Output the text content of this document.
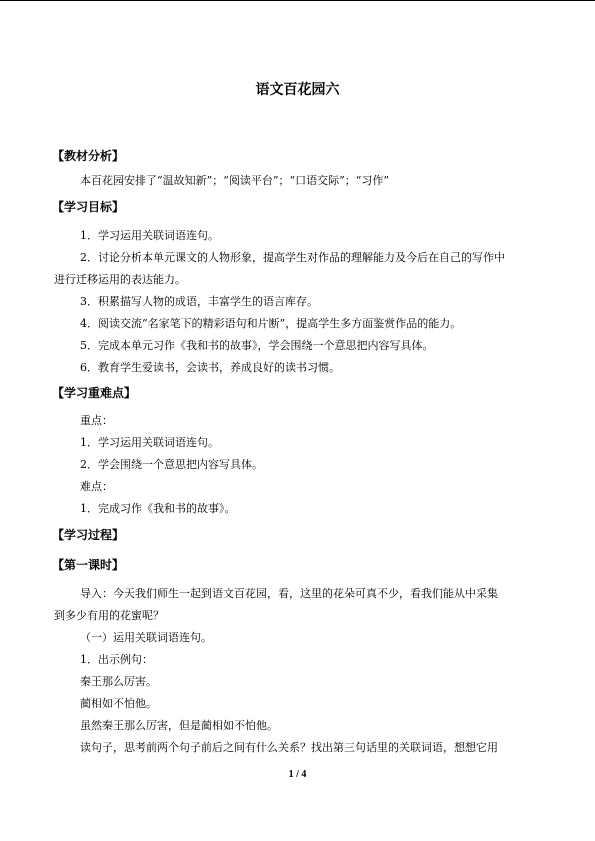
语文百花园六
【教材分析】
本百花园安排了“温故知新”；“阅读平台”；“口语交际”；“习作”
【学习目标】
1．学习运用关联词语连句。
2．讨论分析本单元课文的人物形象，提高学生对作品的理解能力及今后在自己的写作中
进行迁移运用的表达能力。
3．积累描写人物的成语，丰富学生的语言库存。
4．阅读交流“名家笔下的精彩语句和片断”，提高学生多方面鉴赏作品的能力。
5．完成本单元习作《我和书的故事》，学会围绕一个意思把内容写具体。
6．教育学生爱读书，会读书，养成良好的读书习惯。
【学习重难点】
重点：
1．学习运用关联词语连句。
2．学会围绕一个意思把内容写具体。
难点：
1．完成习作《我和书的故事》。
【学习过程】
【第一课时】
导入：今天我们师生一起到语文百花园，看，这里的花朵可真不少，看我们能从中采集
到多少有用的花蜜呢？
（一）运用关联词语连句。
1．出示例句：
秦王那么厉害。
蔺相如不怕他。
虽然秦王那么厉害，但是蔺相如不怕他。
读句子，思考前两个句子前后之间有什么关系？找出第三句话里的关联词语，想想它用
1 / 4
